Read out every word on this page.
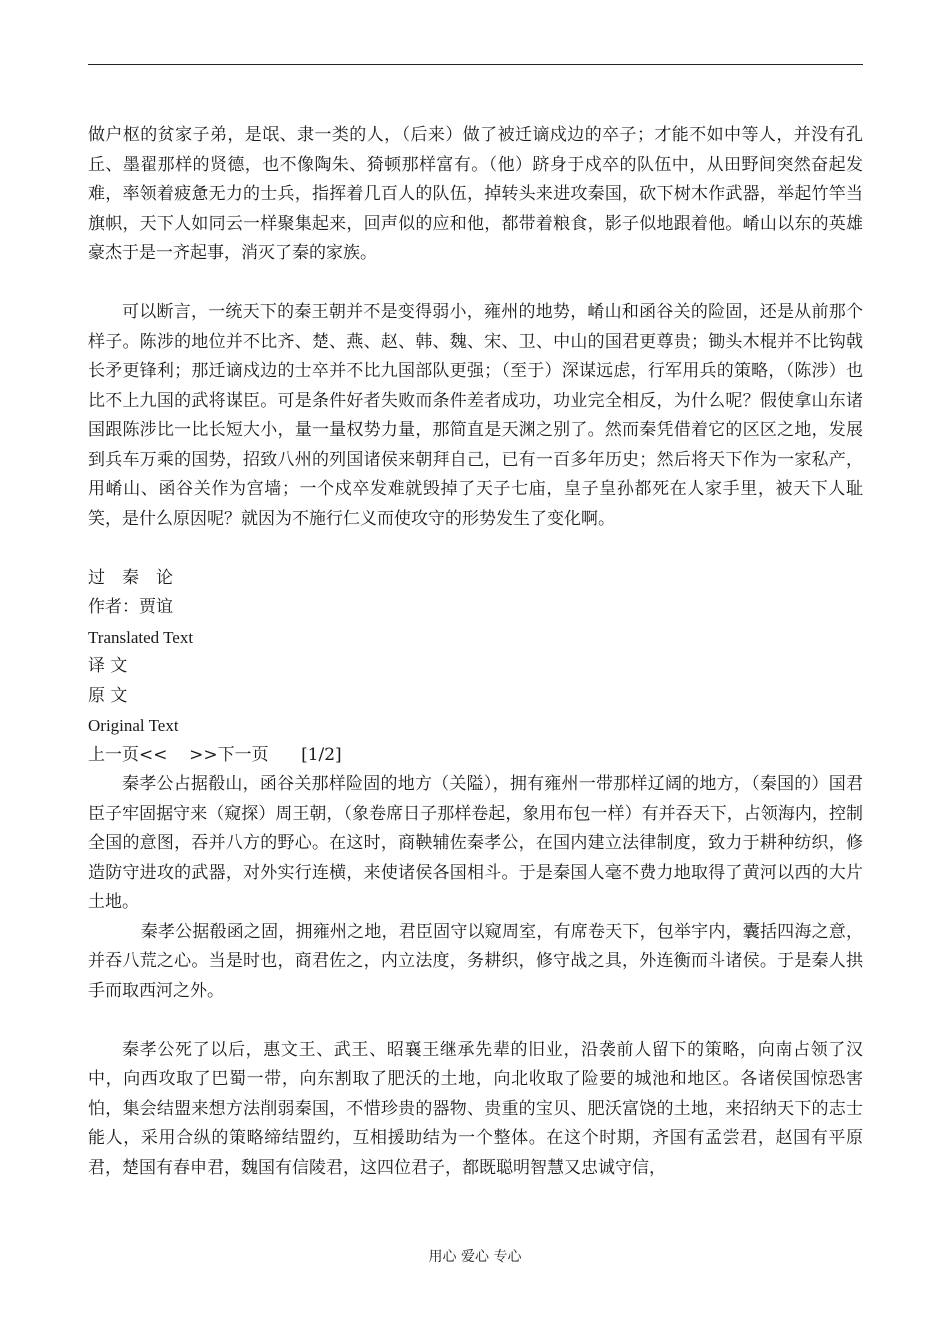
做户枢的贫家子弟，是氓、隶一类的人，（后来）做了被迁谪戍边的卒子；才能不如中等人，并没有孔丘、墨翟那样的贤德，也不像陶朱、猗顿那样富有。（他）跻身于戍卒的队伍中，从田野间突然奋起发难，率领着疲惫无力的士兵，指挥着几百人的队伍，掉转头来进攻秦国，砍下树木作武器，举起竹竿当旗帜，天下人如同云一样聚集起来，回声似的应和他，都带着粮食，影子似地跟着他。崤山以东的英雄豪杰于是一齐起事，消灭了秦的家族。

可以断言，一统天下的秦王朝并不是变得弱小，雍州的地势，崤山和函谷关的险固，还是从前那个样子。陈涉的地位并不比齐、楚、燕、赵、韩、魏、宋、卫、中山的国君更尊贵；锄头木棍并不比钩戟长矛更锋利；那迁谪戍边的士卒并不比九国部队更强；（至于）深谋远虑，行军用兵的策略，（陈涉）也比不上九国的武将谋臣。可是条件好者失败而条件差者成功，功业完全相反，为什么呢？假使拿山东诸国跟陈涉比一比长短大小，量一量权势力量，那简直是天渊之别了。然而秦凭借着它的区区之地，发展到兵车万乘的国势，招致八州的列国诸侯来朝拜自己，已有一百多年历史；然后将天下作为一家私产，用崤山、函谷关作为宫墙；一个戍卒发难就毁掉了天子七庙，皇子皇孙都死在人家手里，被天下人耻笑，是什么原因呢？就因为不施行仁义而使攻守的形势发生了变化啊。

过　秦　论

作者：贾谊

Translated Text

译 文

原 文

Original Text

上一页<< >>下一页 [1/2]

秦孝公占据殽山，函谷关那样险固的地方（关隘），拥有雍州一带那样辽阔的地方，（秦国的）国君臣子牢固据守来（窥探）周王朝，（象卷席日子那样卷起，象用布包一样）有并吞天下，占领海内，控制全国的意图，吞并八方的野心。在这时，商鞅辅佐秦孝公，在国内建立法律制度，致力于耕种纺织，修造防守进攻的武器，对外实行连横，来使诸侯各国相斗。于是秦国人毫不费力地取得了黄河以西的大片土地。

秦孝公据殽函之固，拥雍州之地，君臣固守以窥周室，有席卷天下，包举宇内，囊括四海之意，并吞八荒之心。当是时也，商君佐之，内立法度，务耕织，修守战之具，外连衡而斗诸侯。于是秦人拱手而取西河之外。

秦孝公死了以后，惠文王、武王、昭襄王继承先辈的旧业，沿袭前人留下的策略，向南占领了汉中，向西攻取了巴蜀一带，向东割取了肥沃的土地，向北收取了险要的城池和地区。各诸侯国惊恐害怕，集会结盟来想方法削弱秦国，不惜珍贵的器物、贵重的宝贝、肥沃富饶的土地，来招纳天下的志士能人，采用合纵的策略缔结盟约，互相援助结为一个整体。在这个时期，齐国有孟尝君，赵国有平原君，楚国有春申君，魏国有信陵君，这四位君子，都既聪明智慧又忠诚守信，

用心 爱心 专心
